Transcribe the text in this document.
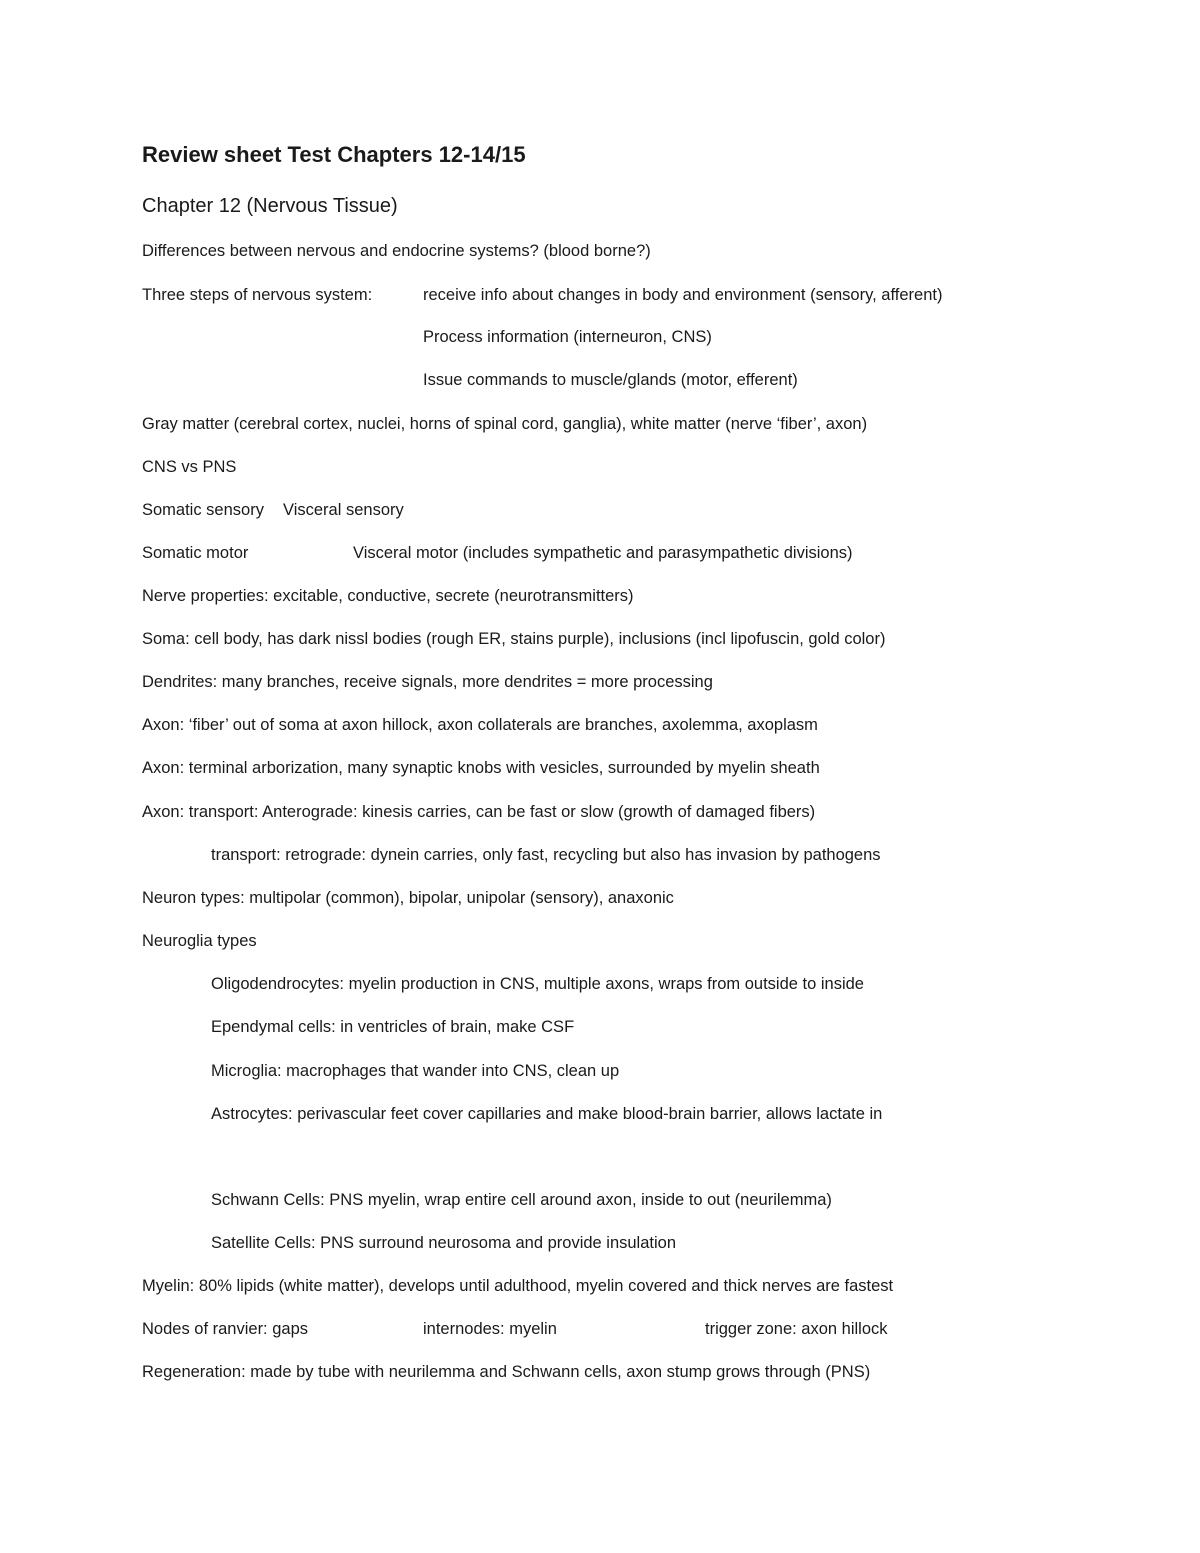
Review sheet Test Chapters 12-14/15
Chapter 12 (Nervous Tissue)
Differences between nervous and endocrine systems? (blood borne?)
Three steps of nervous system:	receive info about changes in body and environment (sensory, afferent)
Process information (interneuron, CNS)
Issue commands to muscle/glands (motor, efferent)
Gray matter (cerebral cortex, nuclei, horns of spinal cord, ganglia), white matter (nerve ‘fiber’, axon)
CNS vs PNS
Somatic sensory Visceral sensory
Somatic motor	Visceral motor (includes sympathetic and parasympathetic divisions)
Nerve properties: excitable, conductive, secrete (neurotransmitters)
Soma: cell body, has dark nissl bodies (rough ER, stains purple), inclusions (incl lipofuscin, gold color)
Dendrites: many branches, receive signals, more dendrites = more processing
Axon: ‘fiber’ out of soma at axon hillock, axon collaterals are branches, axolemma, axoplasm
Axon: terminal arborization, many synaptic knobs with vesicles, surrounded by myelin sheath
Axon: transport: Anterograde: kinesis carries, can be fast or slow (growth of damaged fibers)
transport: retrograde: dynein carries, only fast, recycling but also has invasion by pathogens
Neuron types: multipolar (common), bipolar, unipolar (sensory), anaxonic
Neuroglia types
Oligodendrocytes: myelin production in CNS, multiple axons, wraps from outside to inside
Ependymal cells: in ventricles of brain, make CSF
Microglia: macrophages that wander into CNS, clean up
Astrocytes: perivascular feet cover capillaries and make blood-brain barrier, allows lactate in
Schwann Cells: PNS myelin, wrap entire cell around axon, inside to out (neurilemma)
Satellite Cells: PNS surround neurosoma and provide insulation
Myelin: 80% lipids (white matter), develops until adulthood, myelin covered and thick nerves are fastest
Nodes of ranvier: gaps	internodes: myelin	trigger zone: axon hillock
Regeneration: made by tube with neurilemma and Schwann cells, axon stump grows through (PNS)
